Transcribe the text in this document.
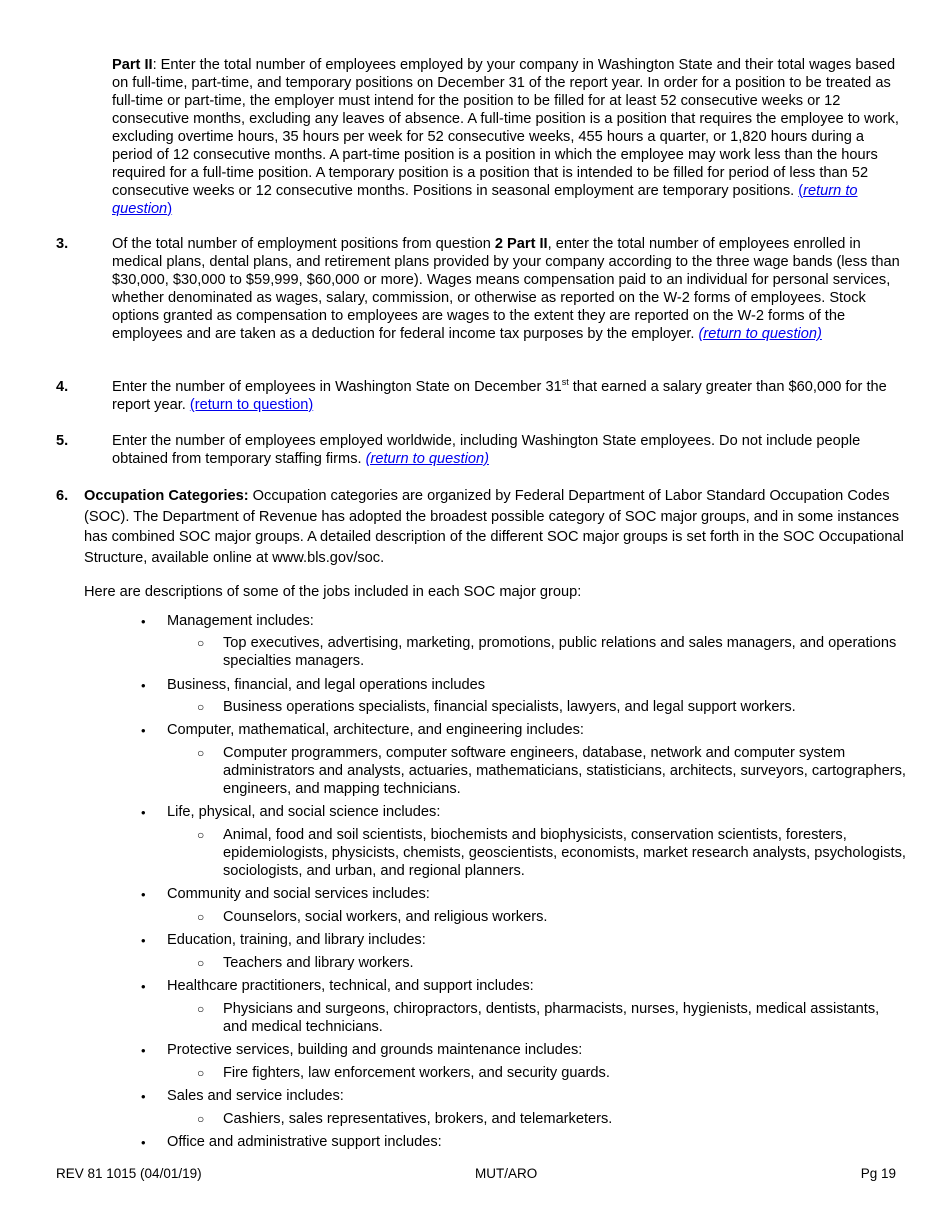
Part II: Enter the total number of employees employed by your company in Washington State and their total wages based on full-time, part-time, and temporary positions on December 31 of the report year. In order for a position to be treated as full-time or part-time, the employer must intend for the position to be filled for at least 52 consecutive weeks or 12 consecutive months, excluding any leaves of absence. A full-time position is a position that requires the employee to work, excluding overtime hours, 35 hours per week for 52 consecutive weeks, 455 hours a quarter, or 1,820 hours during a period of 12 consecutive months. A part-time position is a position in which the employee may work less than the hours required for a full-time position. A temporary position is a position that is intended to be filled for period of less than 52 consecutive weeks or 12 consecutive months. Positions in seasonal employment are temporary positions. (return to question)

3.	Of the total number of employment positions from question 2 Part II, enter the total number of employees enrolled in medical plans, dental plans, and retirement plans provided by your company according to the three wage bands (less than $30,000, $30,000 to $59,999, $60,000 or more). Wages means compensation paid to an individual for personal services, whether denominated as wages, salary, commission, or otherwise as reported on the W-2 forms of employees. Stock options granted as compensation to employees are wages to the extent they are reported on the W-2 forms of the employees and are taken as a deduction for federal income tax purposes by the employer. (return to question)

4.	Enter the number of employees in Washington State on December 31st that earned a salary greater than $60,000 for the report year. (return to question)

5.	Enter the number of employees employed worldwide, including Washington State employees. Do not include people obtained from temporary staffing firms. (return to question)

6. Occupation Categories: Occupation categories are organized by Federal Department of Labor Standard Occupation Codes (SOC). The Department of Revenue has adopted the broadest possible category of SOC major groups, and in some instances has combined SOC major groups. A detailed description of the different SOC major groups is set forth in the SOC Occupational Structure, available online at www.bls.gov/soc.

Here are descriptions of some of the jobs included in each SOC major group:

• Management includes:

○ Top executives, advertising, marketing, promotions, public relations and sales managers, and operations specialties managers.

• Business, financial, and legal operations includes

○ Business operations specialists, financial specialists, lawyers, and legal support workers.

• Computer, mathematical, architecture, and engineering includes:

○ Computer programmers, computer software engineers, database, network and computer system administrators and analysts, actuaries, mathematicians, statisticians, architects, surveyors, cartographers, engineers, and mapping technicians.

• Life, physical, and social science includes:

○ Animal, food and soil scientists, biochemists and biophysicists, conservation scientists, foresters, epidemiologists, physicists, chemists, geoscientists, economists, market research analysts, psychologists, sociologists, and urban, and regional planners.

• Community and social services includes:

○ Counselors, social workers, and religious workers.

• Education, training, and library includes:

○ Teachers and library workers.

• Healthcare practitioners, technical, and support includes:

○ Physicians and surgeons, chiropractors, dentists, pharmacists, nurses, hygienists, medical assistants, and medical technicians.

• Protective services, building and grounds maintenance includes:

○ Fire fighters, law enforcement workers, and security guards.

• Sales and service includes:

○ Cashiers, sales representatives, brokers, and telemarketers.

• Office and administrative support includes:

REV 81 1015 (04/01/19)	MUT/ARO	Pg 19
